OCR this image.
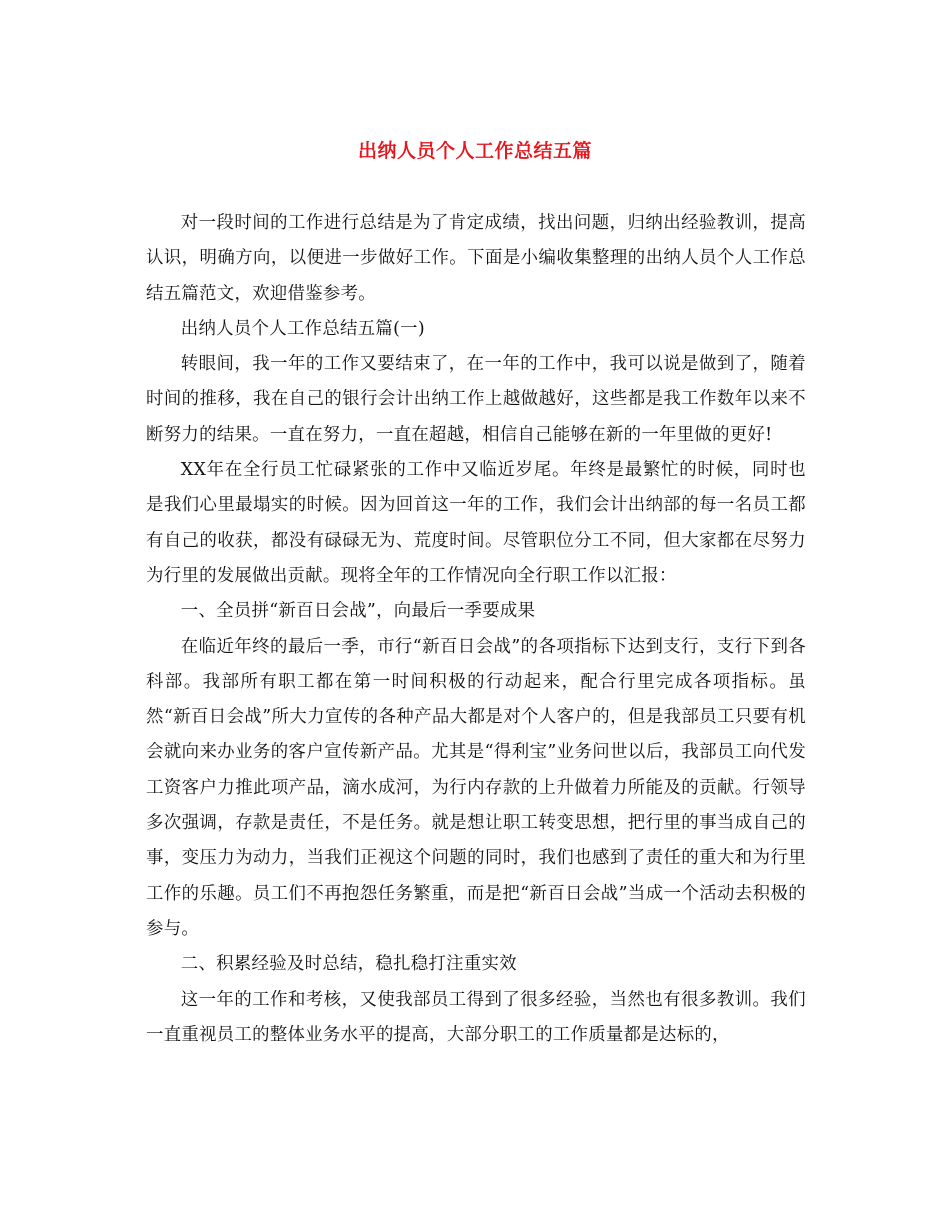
出纳人员个人工作总结五篇

对一段时间的工作进行总结是为了肯定成绩，找出问题，归纳出经验教训，提高认识，明确方向，以便进一步做好工作。下面是小编收集整理的出纳人员个人工作总结五篇范文，欢迎借鉴参考。

出纳人员个人工作总结五篇(一)

转眼间，我一年的工作又要结束了，在一年的工作中，我可以说是做到了，随着时间的推移，我在自己的银行会计出纳工作上越做越好，这些都是我工作数年以来不断努力的结果。一直在努力，一直在超越，相信自己能够在新的一年里做的更好!

XX年在全行员工忙碌紧张的工作中又临近岁尾。年终是最繁忙的时候，同时也是我们心里最塌实的时候。因为回首这一年的工作，我们会计出纳部的每一名员工都有自己的收获，都没有碌碌无为、荒度时间。尽管职位分工不同，但大家都在尽努力为行里的发展做出贡献。现将全年的工作情况向全行职工作以汇报：

一、全员拼“新百日会战”，向最后一季要成果

在临近年终的最后一季，市行“新百日会战”的各项指标下达到支行，支行下到各科部。我部所有职工都在第一时间积极的行动起来，配合行里完成各项指标。虽然“新百日会战”所大力宣传的各种产品大都是对个人客户的，但是我部员工只要有机会就向来办业务的客户宣传新产品。尤其是“得利宝”业务问世以后，我部员工向代发工资客户力推此项产品，滴水成河，为行内存款的上升做着力所能及的贡献。行领导多次强调，存款是责任，不是任务。就是想让职工转变思想，把行里的事当成自己的事，变压力为动力，当我们正视这个问题的同时，我们也感到了责任的重大和为行里工作的乐趣。员工们不再抱怨任务繁重，而是把“新百日会战”当成一个活动去积极的参与。

二、积累经验及时总结，稳扎稳打注重实效

这一年的工作和考核，又使我部员工得到了很多经验，当然也有很多教训。我们一直重视员工的整体业务水平的提高，大部分职工的工作质量都是达标的，
